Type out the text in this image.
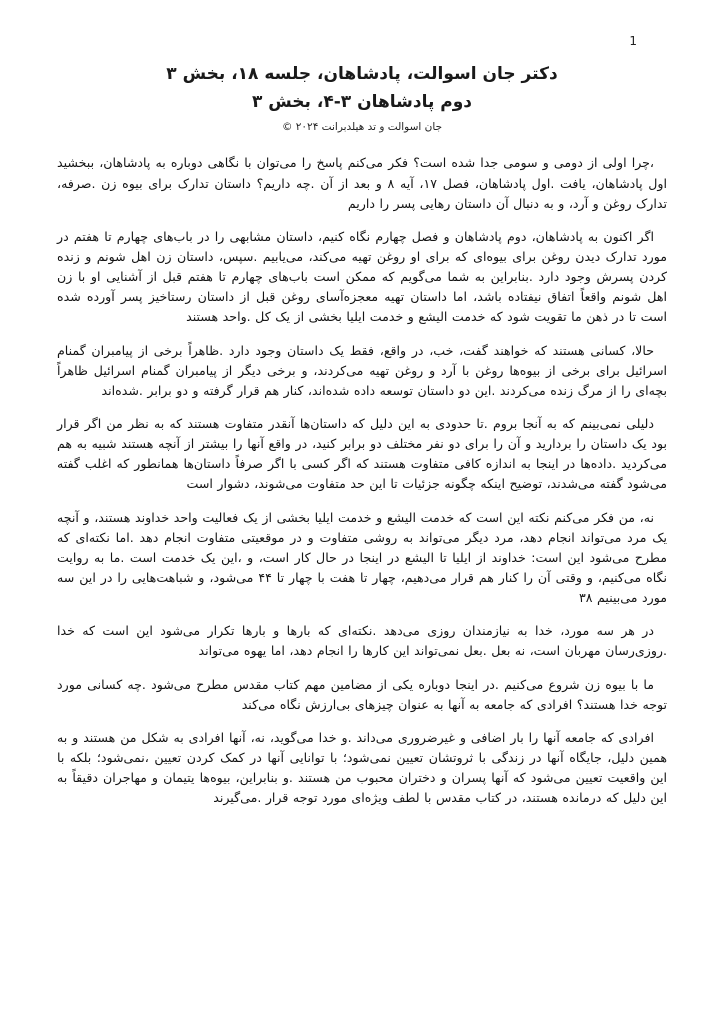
1
دکتر جان اسوالت، پادشاهان، جلسه ۱۸، بخش ۳
دوم پادشاهان ۳-۴، بخش ۳
جان اسوالت و تد هیلدبرانت ۲۰۲۴ ©

،چرا اولی از دومی و سومی جدا شده است؟ فکر می‌کنم پاسخ را می‌توان با نگاهی دوباره به پادشاهان، ببخشید اول پادشاهان، یافت .اول پادشاهان، فصل ۱۷، آیه ۸ و بعد از آن .چه داریم؟ داستان تدارک برای بیوه زن .صرفه، تدارک روغن و آرد، و به دنبال آن داستان رهایی پسر را داریم

اگر اکنون به پادشاهان، دوم پادشاهان و فصل چهارم نگاه کنیم، داستان مشابهی را در باب‌های چهارم تا هفتم در مورد تدارک دیدن روغن برای بیوه‌ای که برای او روغن تهیه می‌کند، می‌یابیم .سپس، داستان زن اهل شونم و زنده کردن پسرش وجود دارد .بنابراین به شما می‌گویم که ممکن است باب‌های چهارم تا هفتم قبل از آشنایی او با زن اهل شونم واقعاً اتفاق نیفتاده باشد، اما داستان تهیه معجزه‌آسای روغن قبل از داستان رستاخیز پسر آورده شده است تا در ذهن ما تقویت شود که خدمت الیشع و خدمت ایلیا بخشی از یک کل .واحد هستند

حالا، کسانی هستند که خواهند گفت، خب، در واقع، فقط یک داستان وجود دارد .ظاهراً برخی از پیامبران گمنام اسرائیل برای برخی از بیوه‌ها روغن با آرد و روغن تهیه می‌کردند، و برخی دیگر از پیامبران گمنام اسرائیل ظاهراً بچه‌ای را از مرگ زنده می‌کردند .این دو داستان توسعه داده شده‌اند، کنار هم قرار گرفته و دو برابر .شده‌اند

دلیلی نمی‌بینم که به آنجا بروم .تا حدودی به این دلیل که داستان‌ها آنقدر متفاوت هستند که به نظر من اگر قرار بود یک داستان را بردارید و آن را برای دو نفر مختلف دو برابر کنید، در واقع آنها را بیشتر از آنچه هستند شبیه به هم می‌کردید .داده‌ها در اینجا به اندازه کافی متفاوت هستند که اگر کسی با اگر صرفاً داستان‌ها همانطور که اغلب گفته می‌شود گفته می‌شدند، توضیح اینکه چگونه جزئیات تا این حد متفاوت می‌شوند، دشوار است

نه، من فکر می‌کنم نکته این است که خدمت الیشع و خدمت ایلیا بخشی از یک فعالیت واحد خداوند هستند، و آنچه یک مرد می‌تواند انجام دهد، مرد دیگر می‌تواند به روشی متفاوت و در موقعیتی متفاوت انجام دهد .اما نکته‌ای که مطرح می‌شود این است: خداوند از ایلیا تا الیشع در اینجا در حال کار است، و ،این یک خدمت است .ما به روایت نگاه می‌کنیم، و وقتی آن را کنار هم قرار می‌دهیم، چهار تا هفت با چهار تا ۴۴ می‌شود، و شباهت‌هایی را در این سه مورد می‌بینیم ۳۸

در هر سه مورد، خدا به نیازمندان روزی می‌دهد .نکته‌ای که بارها و بارها تکرار می‌شود این است که خدا .روزی‌رسان مهربان است، نه بعل .بعل نمی‌تواند این کارها را انجام دهد، اما یهوه می‌تواند

ما با بیوه زن شروع می‌کنیم .در اینجا دوباره یکی از مضامین مهم کتاب مقدس مطرح می‌شود .چه کسانی مورد توجه خدا هستند؟ افرادی که جامعه به آنها به عنوان چیزهای بی‌ارزش نگاه می‌کند

افرادی که جامعه آنها را بار اضافی و غیرضروری می‌داند .و خدا می‌گوید، نه، آنها افرادی به شکل من هستند و به همین دلیل، جایگاه آنها در زندگی با ثروتشان تعیین نمی‌شود؛ با توانایی آنها در کمک کردن تعیین ،نمی‌شود؛ بلکه با این واقعیت تعیین می‌شود که آنها پسران و دختران محبوب من هستند .و بنابراین، بیوه‌ها یتیمان و مهاجران دقیقاً به این دلیل که درمانده هستند، در کتاب مقدس با لطف ویژه‌ای مورد توجه قرار .می‌گیرند
